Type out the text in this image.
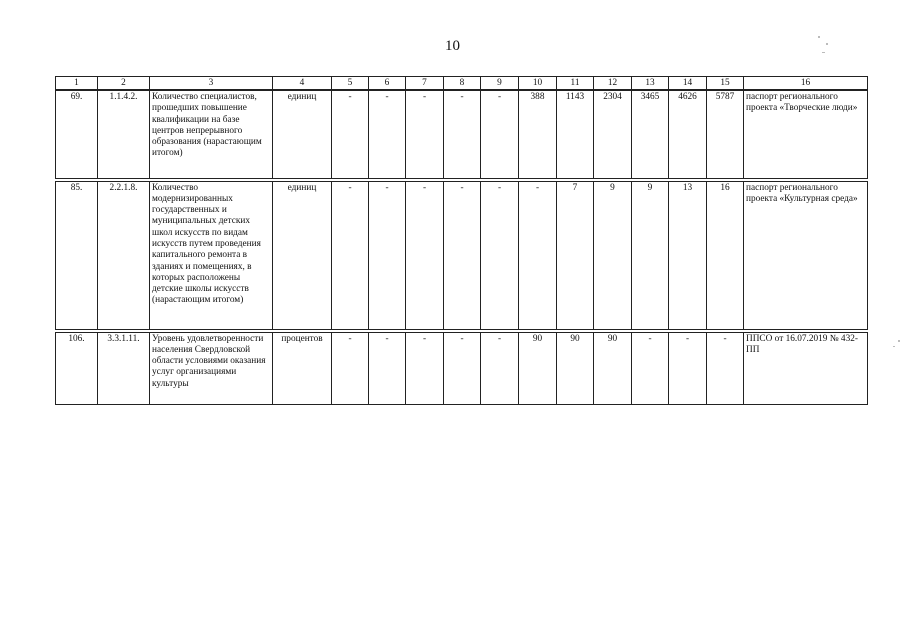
10
1	2	3	4	5	6	7	8	9	10	11	12	13	14	15	16
69.	1.1.4.2.	Количество специалистов, прошедших повышение квалификации на базе центров непрерывного образования (нарастающим итогом)	единиц	-	-	-	-	-	388	1143	2304	3465	4626	5787	паспорт регионального проекта «Творческие люди»

85.	2.2.1.8.	Количество модернизированных государственных и муниципальных детских школ искусств по видам искусств путем проведения капитального ремонта в зданиях и помещениях, в которых расположены детские школы искусств (нарастающим итогом)	единиц	-	-	-	-	-	-	7	9	9	13	16	паспорт регионального проекта «Культурная среда»

106.	3.3.1.11.	Уровень удовлетворенности населения Свердловской области условиями оказания услуг организациями культуры	процентов	-	-	-	-	-	90	90	90	-	-	-	ППСО от 16.07.2019 № 432-ПП
